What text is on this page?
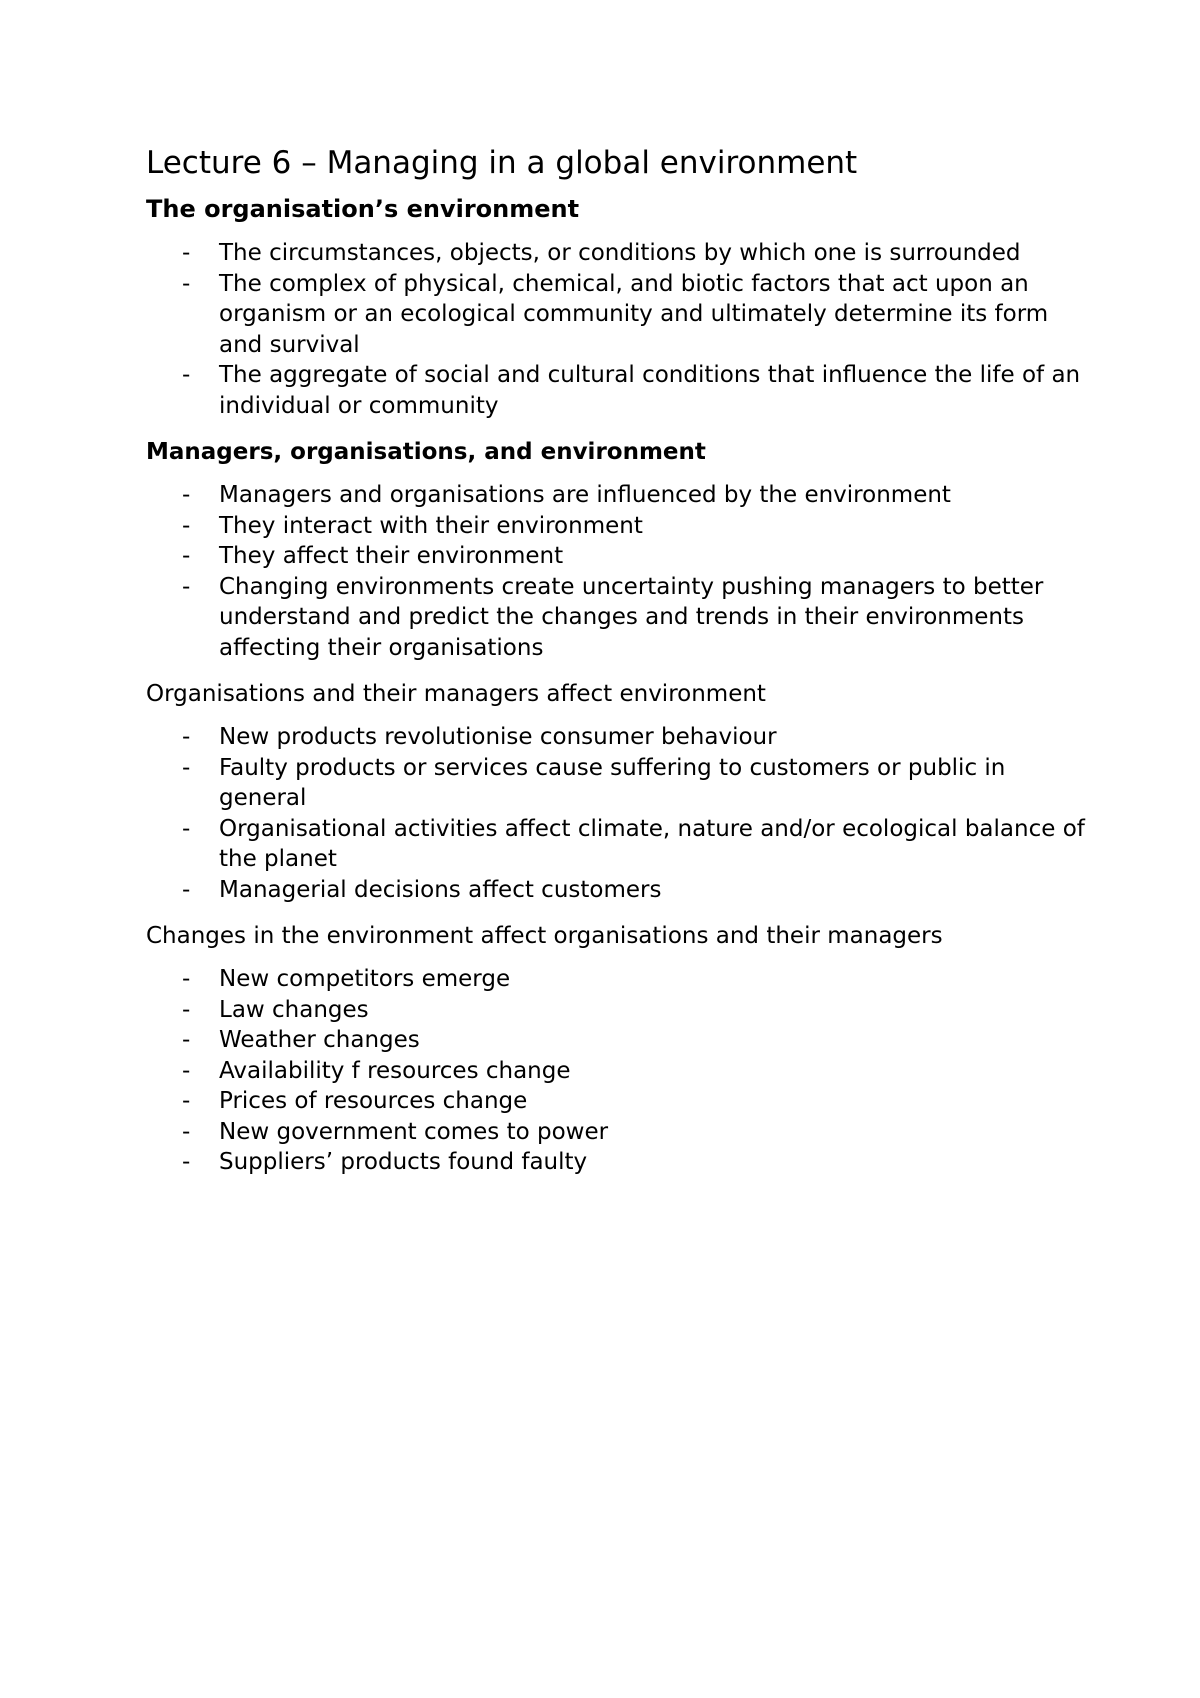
Lecture 6 – Managing in a global environment
The organisation’s environment
- The circumstances, objects, or conditions by which one is surrounded
- The complex of physical, chemical, and biotic factors that act upon an organism or an ecological community and ultimately determine its form and survival
- The aggregate of social and cultural conditions that influence the life of an individual or community
Managers, organisations, and environment
- Managers and organisations are influenced by the environment
- They interact with their environment
- They affect their environment
- Changing environments create uncertainty pushing managers to better understand and predict the changes and trends in their environments affecting their organisations
Organisations and their managers affect environment
- New products revolutionise consumer behaviour
- Faulty products or services cause suffering to customers or public in general
- Organisational activities affect climate, nature and/or ecological balance of the planet
- Managerial decisions affect customers
Changes in the environment affect organisations and their managers
- New competitors emerge
- Law changes
- Weather changes
- Availability f resources change
- Prices of resources change
- New government comes to power
- Suppliers’ products found faulty
